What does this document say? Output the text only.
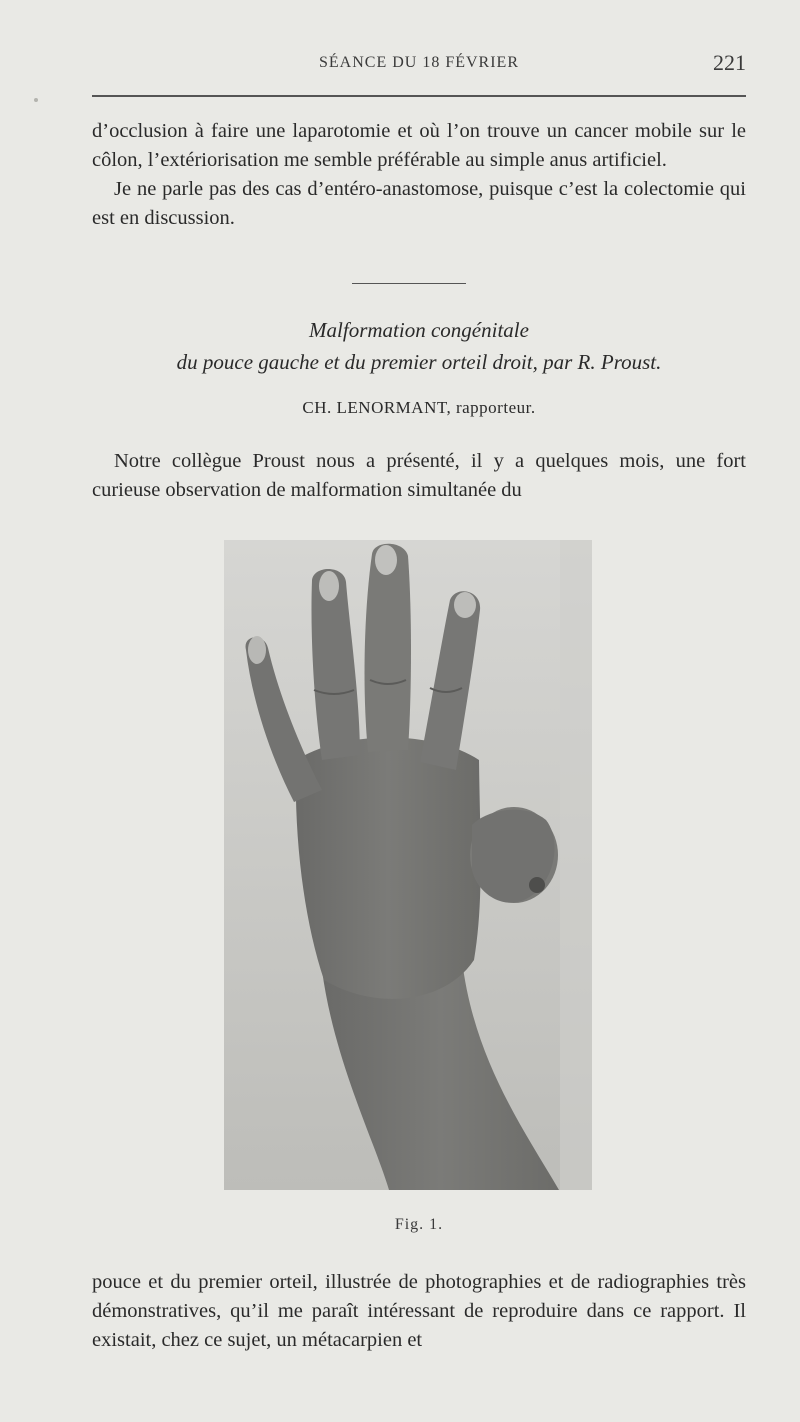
SÉANCE DU 18 FÉVRIER	221

d’occlusion à faire une laparotomie et où l’on trouve un cancer mobile sur le côlon, l’extériorisation me semble préférable au simple anus artificiel.

Je ne parle pas des cas d’entéro-anastomose, puisque c’est la colectomie qui est en discussion.

Malformation congénitale
du pouce gauche et du premier orteil droit, par R. Proust.
CH. LENORMANT, rapporteur.

Notre collègue Proust nous a présenté, il y a quelques mois, une fort curieuse observation de malformation simultanée du

Fig. 1.

pouce et du premier orteil, illustrée de photographies et de radiographies très démonstratives, qu’il me paraît intéressant de reproduire dans ce rapport. Il existait, chez ce sujet, un métacarpien et
